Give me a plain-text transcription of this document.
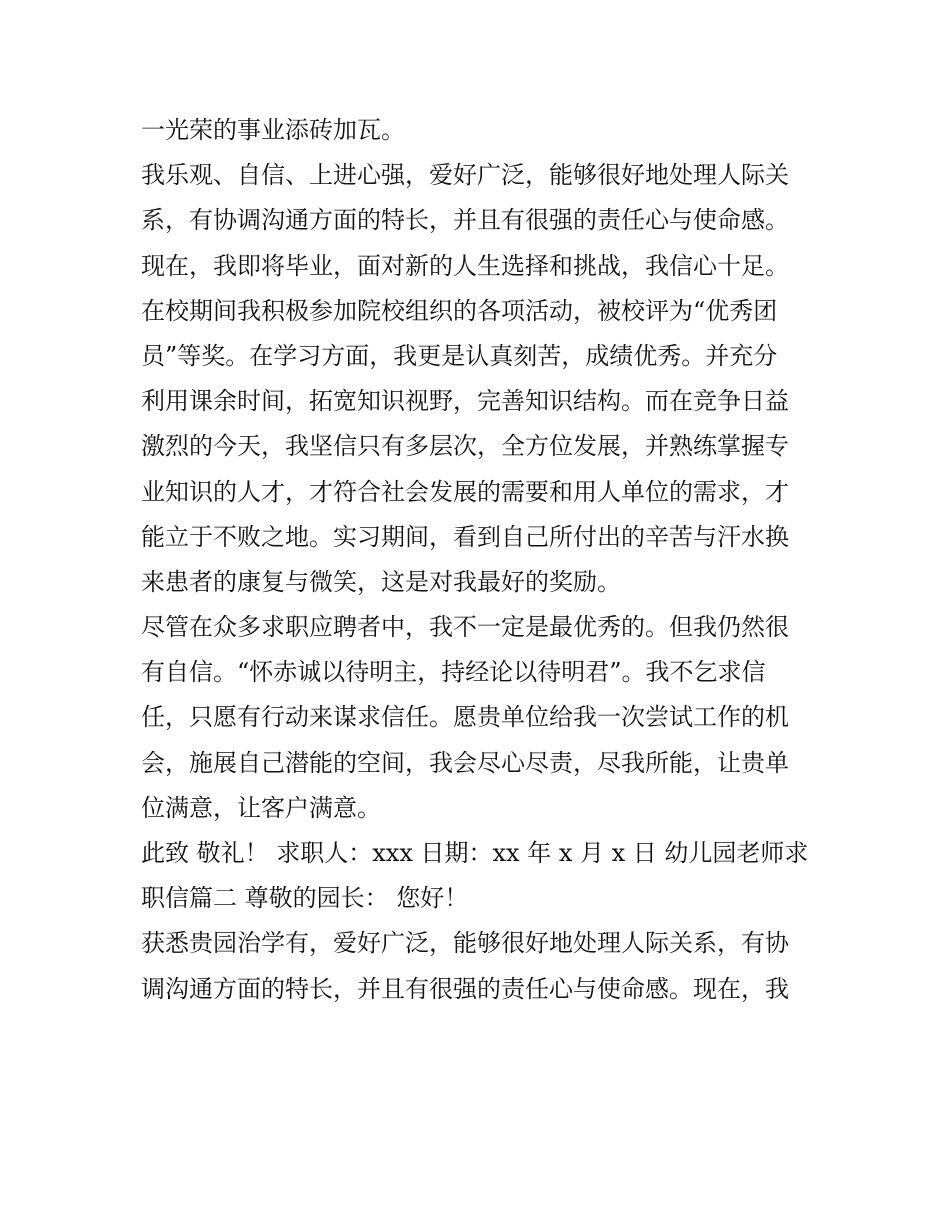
一光荣的事业添砖加瓦。
我乐观、自信、上进心强，爱好广泛，能够很好地处理人际关
系，有协调沟通方面的特长，并且有很强的责任心与使命感。
现在，我即将毕业，面对新的人生选择和挑战，我信心十足。
在校期间我积极参加院校组织的各项活动，被校评为“优秀团
员”等奖。在学习方面，我更是认真刻苦，成绩优秀。并充分
利用课余时间，拓宽知识视野，完善知识结构。而在竞争日益
激烈的今天，我坚信只有多层次，全方位发展，并熟练掌握专
业知识的人才，才符合社会发展的需要和用人单位的需求，才
能立于不败之地。实习期间，看到自己所付出的辛苦与汗水换
来患者的康复与微笑，这是对我最好的奖励。
尽管在众多求职应聘者中，我不一定是最优秀的。但我仍然很
有自信。“怀赤诚以待明主，持经论以待明君”。我不乞求信
任，只愿有行动来谋求信任。愿贵单位给我一次尝试工作的机
会，施展自己潜能的空间，我会尽心尽责，尽我所能，让贵单
位满意，让客户满意。
此致 敬礼！ 求职人：xxx 日期：xx 年 x 月 x 日 幼儿园老师求
职信篇二 尊敬的园长： 您好！
获悉贵园治学有，爱好广泛，能够很好地处理人际关系，有协
调沟通方面的特长，并且有很强的责任心与使命感。现在，我
